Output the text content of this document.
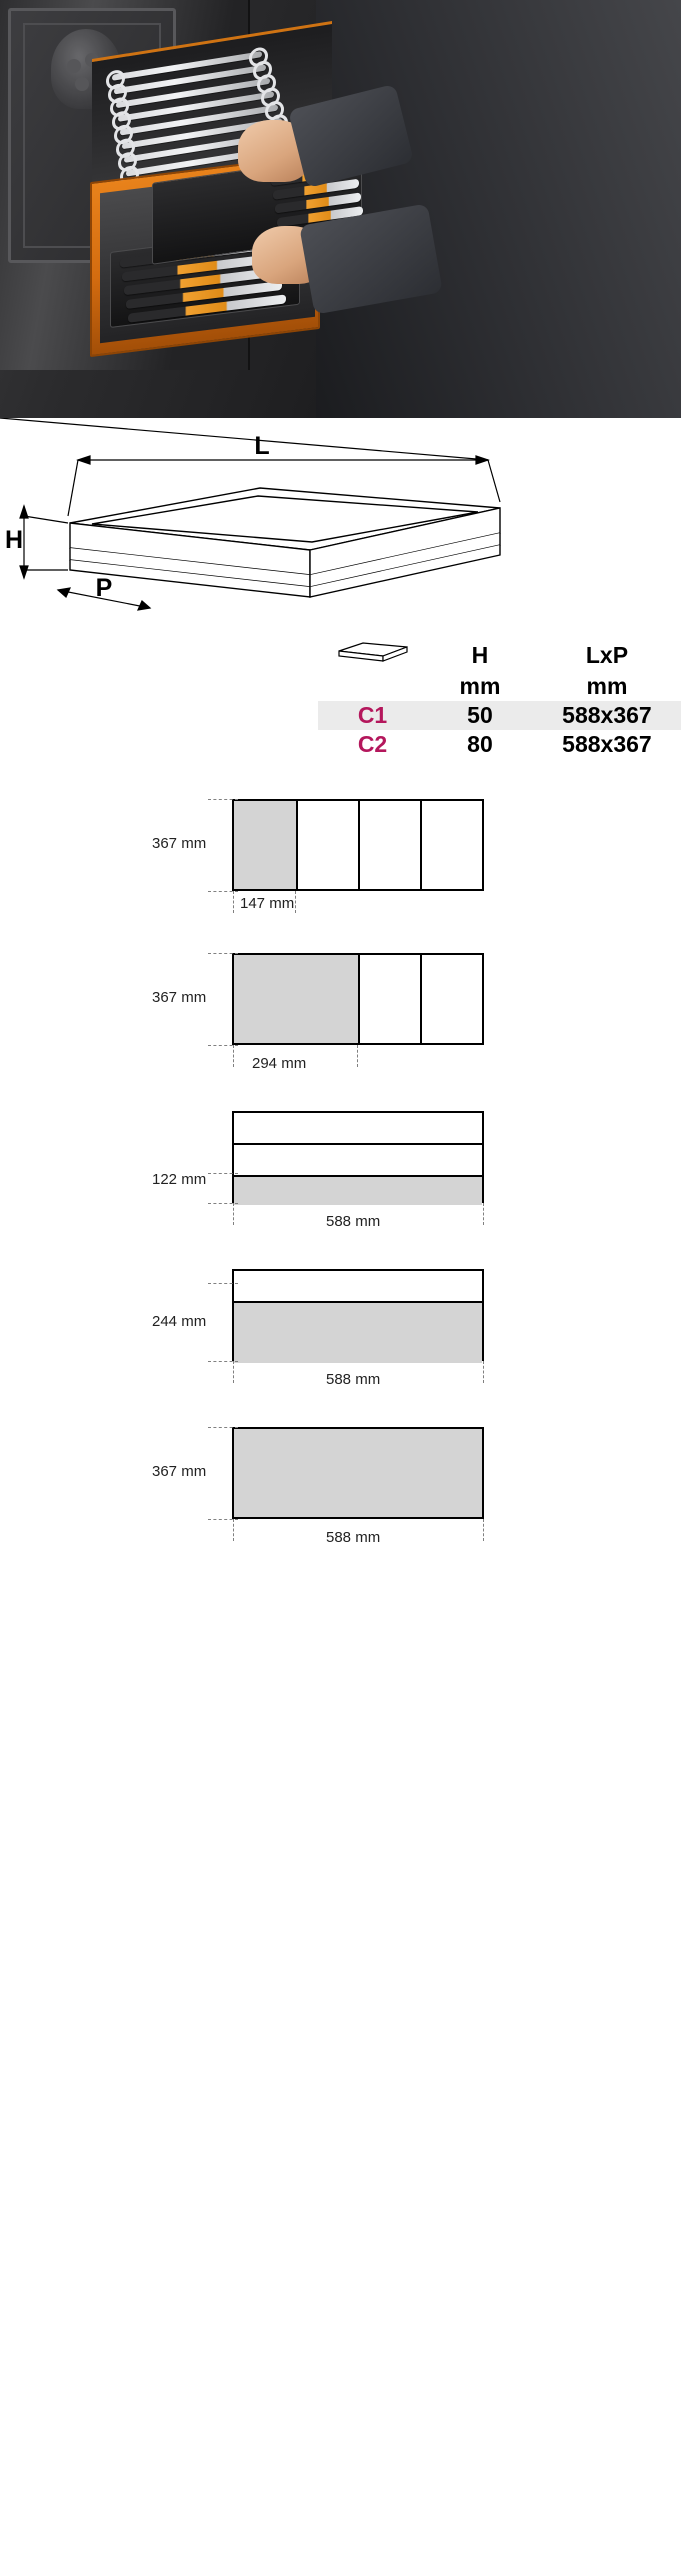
L
H
P
	H	LxP
	mm	mm
C1	50	588x367
C2	80	588x367
367 mm
147 mm
367 mm
294 mm
122 mm
588 mm
244 mm
588 mm
367 mm
588 mm
